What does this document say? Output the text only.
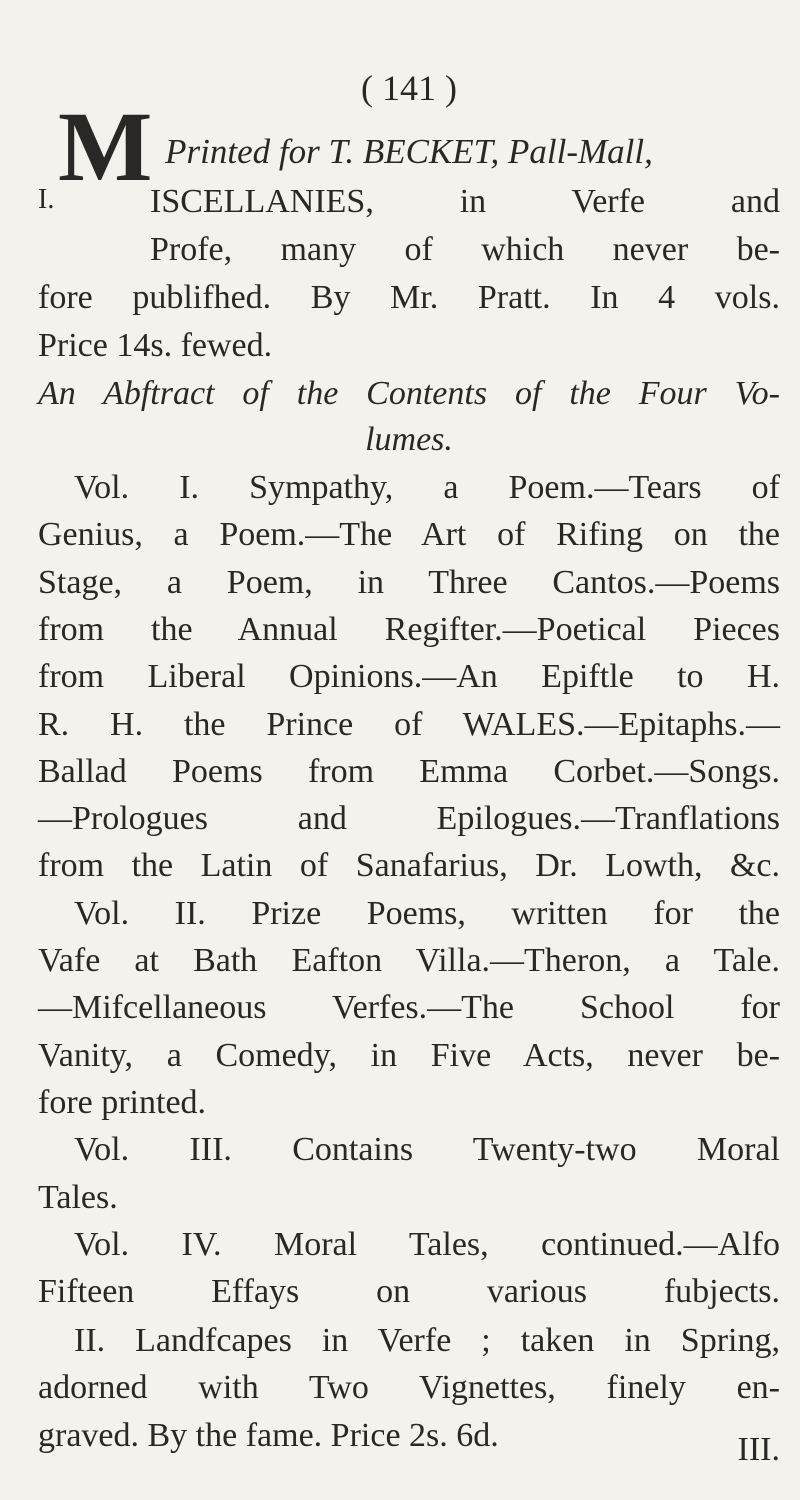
( 141 )
Printed for T. BECKET, Pall-Mall,
I. M
ISCELLANIES, in Verfe and
Profe, many of which never be-
fore publifhed. By Mr. Pratt. In 4 vols.
Price 14s. fewed.
An Abftract of the Contents of the Four Vo-
lumes.
Vol. I. Sympathy, a Poem.—Tears of
Genius, a Poem.—The Art of Rifing on the
Stage, a Poem, in Three Cantos.—Poems
from the Annual Regifter.—Poetical Pieces
from Liberal Opinions.—An Epiftle to H.
R. H. the Prince of WALES.—Epitaphs.—
Ballad Poems from Emma Corbet.—Songs.
—Prologues and Epilogues.—Tranflations
from the Latin of Sanafarius, Dr. Lowth, &c.
Vol. II. Prize Poems, written for the
Vafe at Bath Eafton Villa.—Theron, a Tale.
—Mifcellaneous Verfes.—The School for
Vanity, a Comedy, in Five Acts, never be-
fore printed.
Vol. III. Contains Twenty-two Moral
Tales.
Vol. IV. Moral Tales, continued.—Alfo
Fifteen Effays on various fubjects.
II. Landfcapes in Verfe ; taken in Spring,
adorned with Two Vignettes, finely en-
graved. By the fame. Price 2s. 6d.	III.
